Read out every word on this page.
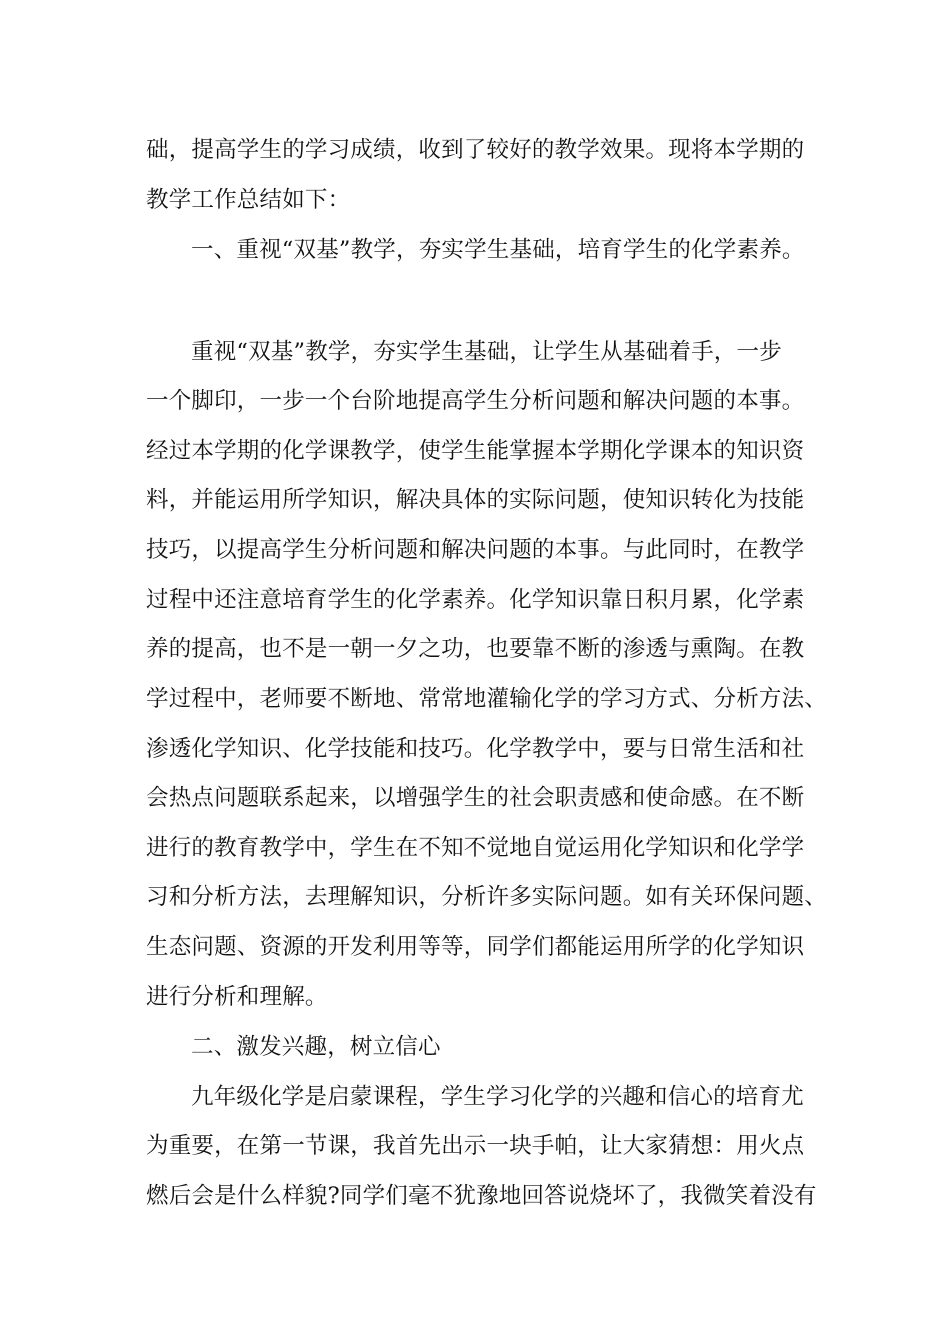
础，提高学生的学习成绩，收到了较好的教学效果。现将本学期的
教学工作总结如下：
一、重视“双基”教学，夯实学生基础，培育学生的化学素养。
重视“双基”教学，夯实学生基础，让学生从基础着手，一步
一个脚印，一步一个台阶地提高学生分析问题和解决问题的本事。
经过本学期的化学课教学，使学生能掌握本学期化学课本的知识资
料，并能运用所学知识，解决具体的实际问题，使知识转化为技能
技巧，以提高学生分析问题和解决问题的本事。与此同时，在教学
过程中还注意培育学生的化学素养。化学知识靠日积月累，化学素
养的提高，也不是一朝一夕之功，也要靠不断的渗透与熏陶。在教
学过程中，老师要不断地、常常地灌输化学的学习方式、分析方法、
渗透化学知识、化学技能和技巧。化学教学中，要与日常生活和社
会热点问题联系起来，以增强学生的社会职责感和使命感。在不断
进行的教育教学中，学生在不知不觉地自觉运用化学知识和化学学
习和分析方法，去理解知识，分析许多实际问题。如有关环保问题、
生态问题、资源的开发利用等等，同学们都能运用所学的化学知识
进行分析和理解。
二、激发兴趣，树立信心
九年级化学是启蒙课程，学生学习化学的兴趣和信心的培育尤
为重要，在第一节课，我首先出示一块手帕，让大家猜想：用火点
燃后会是什么样貌?同学们毫不犹豫地回答说烧坏了，我微笑着没有
